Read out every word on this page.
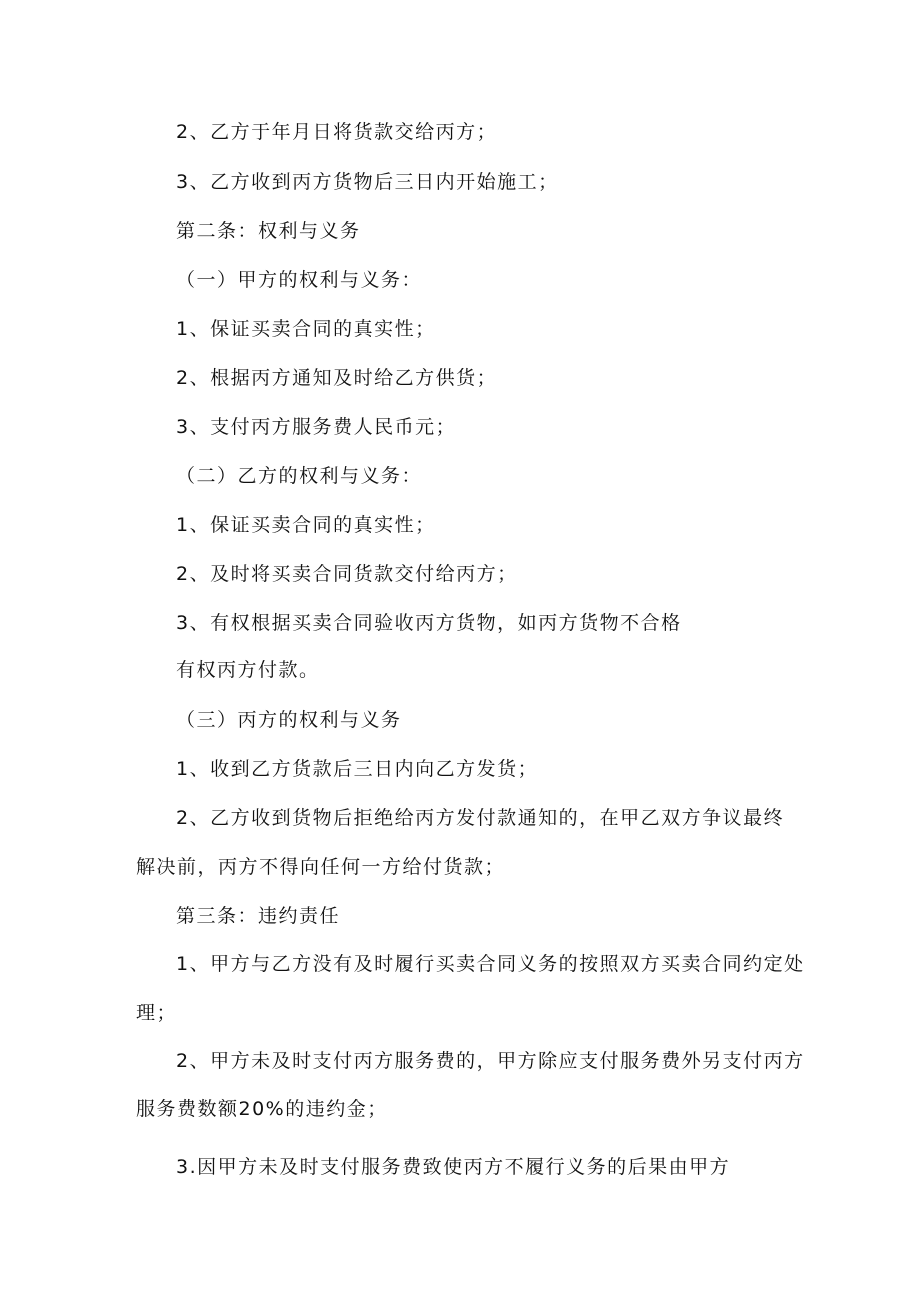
2、乙方于年月日将货款交给丙方；
3、乙方收到丙方货物后三日内开始施工；
第二条：权利与义务
（一）甲方的权利与义务：
1、保证买卖合同的真实性；
2、根据丙方通知及时给乙方供货；
3、支付丙方服务费人民币元；
（二）乙方的权利与义务：
1、保证买卖合同的真实性；
2、及时将买卖合同货款交付给丙方；
3、有权根据买卖合同验收丙方货物，如丙方货物不合格
有权丙方付款。
（三）丙方的权利与义务
1、收到乙方货款后三日内向乙方发货；
2、乙方收到货物后拒绝给丙方发付款通知的，在甲乙双方争议最终
解决前，丙方不得向任何一方给付货款；
第三条：违约责任
1、甲方与乙方没有及时履行买卖合同义务的按照双方买卖合同约定处
理；
2、甲方未及时支付丙方服务费的，甲方除应支付服务费外另支付丙方
服务费数额20%的违约金；
3.因甲方未及时支付服务费致使丙方不履行义务的后果由甲方
